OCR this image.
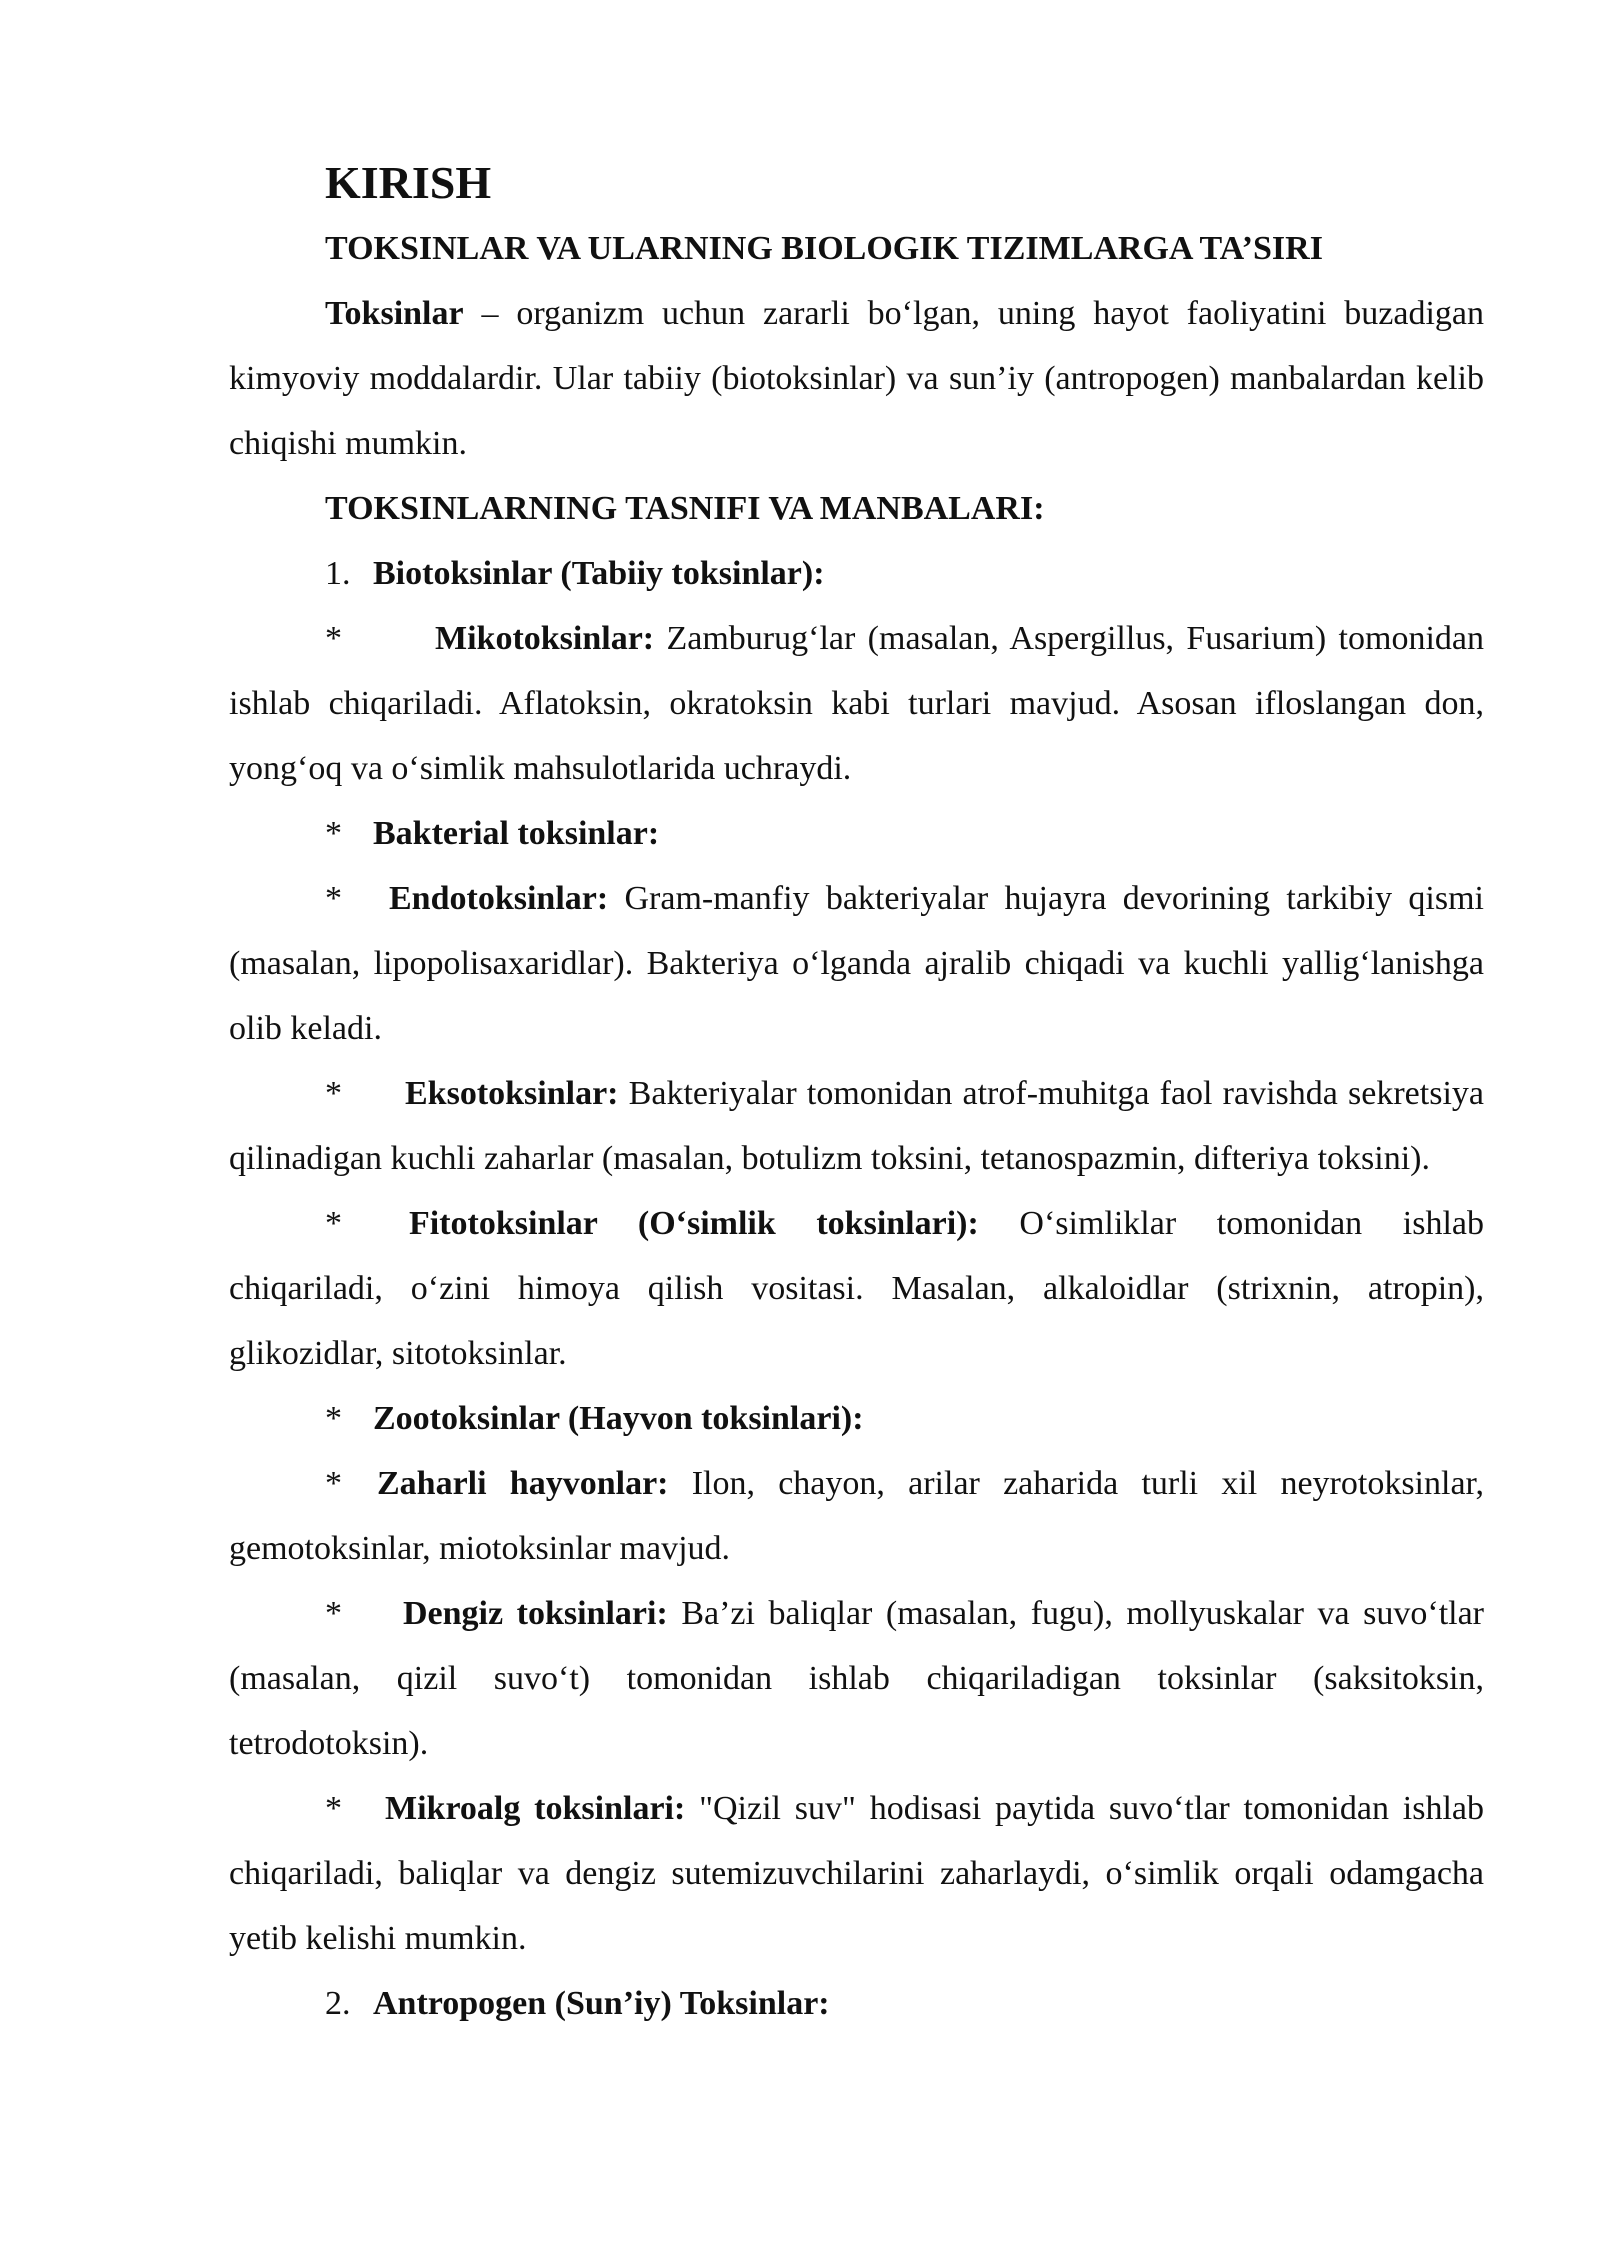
KIRISH
TOKSINLAR VA ULARNING BIOLOGIK TIZIMLARGA TA’SIRI

Toksinlar – organizm uchun zararli bo‘lgan, uning hayot faoliyatini buzadigan kimyoviy moddalardir. Ular tabiiy (biotoksinlar) va sun’iy (antropogen) manbalardan kelib chiqishi mumkin.

TOKSINLARNING TASNIFI VA MANBALARI:

1. Biotoksinlar (Tabiiy toksinlar):

*	Mikotoksinlar: Zamburug‘lar (masalan, Aspergillus, Fusarium) tomonidan ishlab chiqariladi. Aflatoksin, okratoksin kabi turlari mavjud. Asosan ifloslangan don, yong‘oq va o‘simlik mahsulotlarida uchraydi.

* Bakterial toksinlar:

* Endotoksinlar: Gram-manfiy bakteriyalar hujayra devorining tarkibiy qismi (masalan, lipopolisaxaridlar). Bakteriya o‘lganda ajralib chiqadi va kuchli yallig‘lanishga olib keladi.

* Eksotoksinlar: Bakteriyalar tomonidan atrof-muhitga faol ravishda sekretsiya qilinadigan kuchli zaharlar (masalan, botulizm toksini, tetanospazmin, difteriya toksini).

* Fitotoksinlar (O‘simlik toksinlari): O‘simliklar tomonidan ishlab chiqariladi, o‘zini himoya qilish vositasi. Masalan, alkaloidlar (strixnin, atropin), glikozidlar, sitotoksinlar.

* Zootoksinlar (Hayvon toksinlari):

* Zaharli hayvonlar: Ilon, chayon, arilar zaharida turli xil neyrotoksinlar, gemotoksinlar, miotoksinlar mavjud.

* Dengiz toksinlari: Ba’zi baliqlar (masalan, fugu), mollyuskalar va suvo‘tlar (masalan, qizil suvo‘t) tomonidan ishlab chiqariladigan toksinlar (saksitoksin, tetrodotoksin).

* Mikroalg toksinlari: "Qizil suv" hodisasi paytida suvo‘tlar tomonidan ishlab chiqariladi, baliqlar va dengiz sutemizuvchilarini zaharlaydi, o‘simlik orqali odamgacha yetib kelishi mumkin.

2. Antropogen (Sun’iy) Toksinlar:
